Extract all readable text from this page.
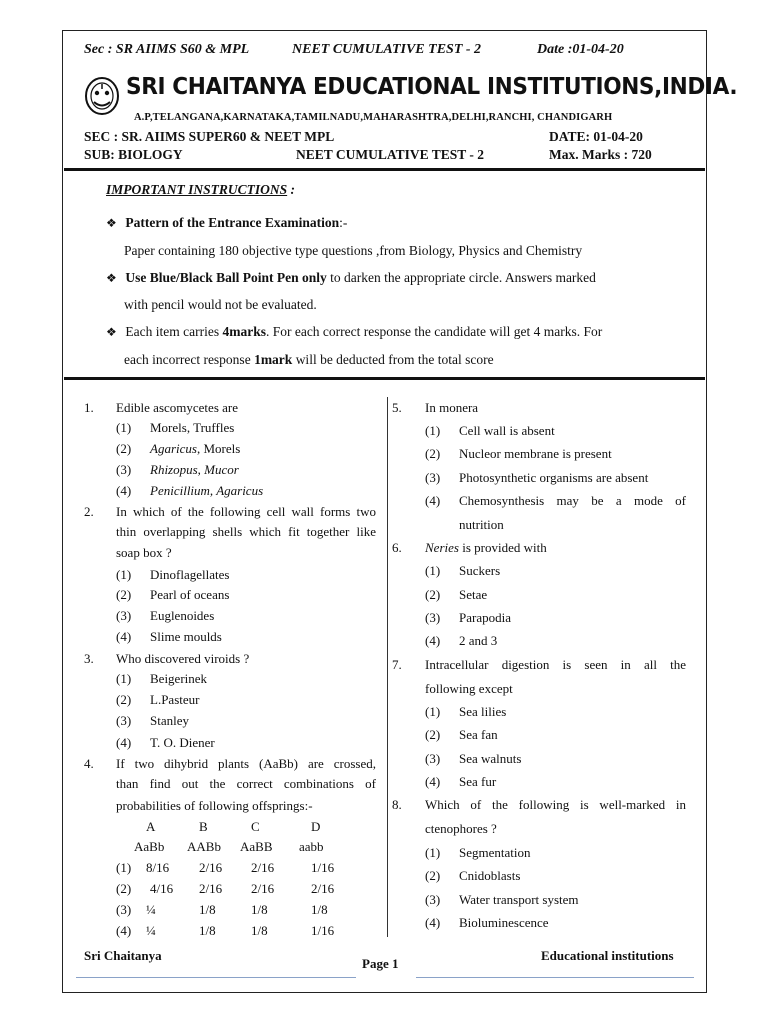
Sec : SR AIIMS S60 & MPL	NEET CUMULATIVE TEST - 2	Date :01-04-20
SRI CHAITANYA EDUCATIONAL INSTITUTIONS,INDIA.
A.P,TELANGANA,KARNATAKA,TAMILNADU,MAHARASHTRA,DELHI,RANCHI, CHANDIGARH
SEC : SR. AIIMS SUPER60 & NEET MPL	DATE: 01-04-20
SUB: BIOLOGY	NEET CUMULATIVE TEST - 2	Max. Marks : 720
IMPORTANT INSTRUCTIONS :
❖ Pattern of the Entrance Examination:-
Paper containing 180 objective type questions ,from Biology, Physics and Chemistry
❖ Use Blue/Black Ball Point Pen only to darken the appropriate circle. Answers marked
with pencil would not be evaluated.
❖ Each item carries 4marks. For each correct response the candidate will get 4 marks. For
each incorrect response 1mark will be deducted from the total score
1. Edible ascomycetes are
(1) Morels, Truffles
(2) Agaricus, Morels
(3) Rhizopus, Mucor
(4) Penicillium, Agaricus
2. In which of the following cell wall forms two
thin overlapping shells which fit together like
soap box ?
(1) Dinoflagellates
(2) Pearl of oceans
(3) Euglenoides
(4) Slime moulds
3. Who discovered viroids ?
(1) Beigerinek
(2) L.Pasteur
(3) Stanley
(4) T. O. Diener
4. If two dihybrid plants (AaBb) are crossed,
than find out the correct combinations of
probabilities of following offsprings:-
A	B	C	D
AaBb AABb AaBB aabb
(1) 8/16 2/16 2/16	1/16
(2) 4/16 2/16 2/16	2/16
(3) ¼	1/8	1/8	1/8
(4) ¼	1/8	1/8	1/16
5. In monera
(1) Cell wall is absent
(2) Nucleor membrane is present
(3) Photosynthetic organisms are absent
(4) Chemosynthesis may be a mode of
nutrition
6. Neries is provided with
(1) Suckers
(2) Setae
(3) Parapodia
(4) 2 and 3
7. Intracellular digestion is seen in all the
following except
(1) Sea lilies
(2) Sea fan
(3) Sea walnuts
(4) Sea fur
8. Which of the following is well-marked in
ctenophores ?
(1) Segmentation
(2) Cnidoblasts
(3) Water transport system
(4) Bioluminescence
Sri Chaitanya
Page 1
Educational institutions
